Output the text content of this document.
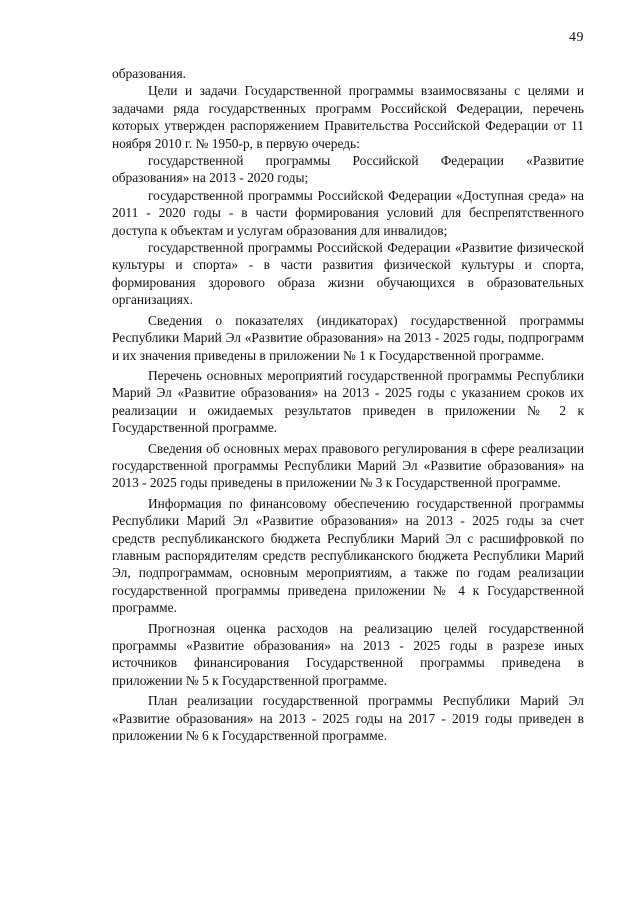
49

образования.

Цели и задачи Государственной программы взаимосвязаны с целями и задачами ряда государственных программ Российской Федерации, перечень которых утвержден распоряжением Правительства Российской Федерации от 11 ноября 2010 г. № 1950-р, в первую очередь:

государственной программы Российской Федерации «Развитие образования» на 2013 - 2020 годы;

государственной программы Российской Федерации «Доступная среда» на 2011 - 2020 годы - в части формирования условий для беспрепятственного доступа к объектам и услугам образования для инвалидов;

государственной программы Российской Федерации «Развитие физической культуры и спорта» - в части развития физической культуры и спорта, формирования здорового образа жизни обучающихся в образовательных организациях.

Сведения о показателях (индикаторах) государственной программы Республики Марий Эл «Развитие образования» на 2013 - 2025 годы, подпрограмм и их значения приведены в приложении № 1 к Государственной программе.

Перечень основных мероприятий государственной программы Республики Марий Эл «Развитие образования» на 2013 - 2025 годы с указанием сроков их реализации и ожидаемых результатов приведен в приложении № 2 к Государственной программе.

Сведения об основных мерах правового регулирования в сфере реализации государственной программы Республики Марий Эл «Развитие образования» на 2013 - 2025 годы приведены в приложении № 3 к Государственной программе.

Информация по финансовому обеспечению государственной программы Республики Марий Эл «Развитие образования» на 2013 - 2025 годы за счет средств республиканского бюджета Республики Марий Эл с расшифровкой по главным распорядителям средств республиканского бюджета Республики Марий Эл, подпрограммам, основным мероприятиям, а также по годам реализации государственной программы приведена приложении № 4 к Государственной программе.

Прогнозная оценка расходов на реализацию целей государственной программы «Развитие образования» на 2013 - 2025 годы в разрезе иных источников финансирования Государственной программы приведена в приложении № 5 к Государственной программе.

План реализации государственной программы Республики Марий Эл «Развитие образования» на 2013 - 2025 годы на 2017 - 2019 годы приведен в приложении № 6 к Государственной программе.
